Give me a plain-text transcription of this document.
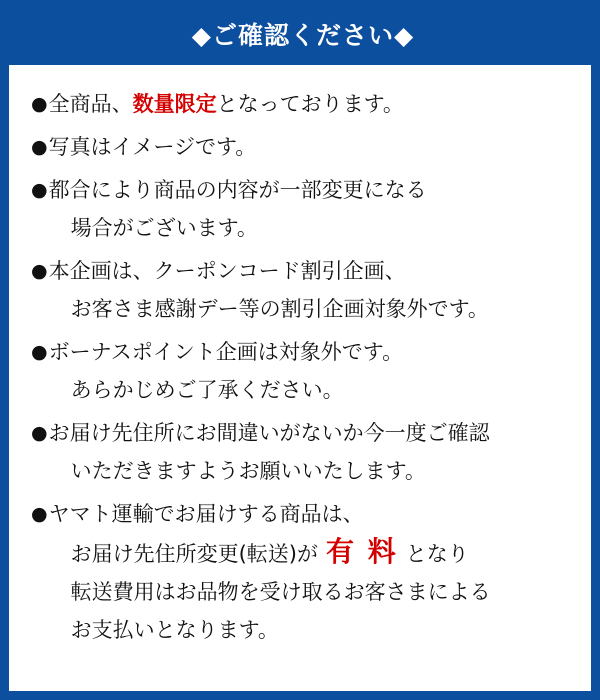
◆ご確認ください◆
● 全商品、数量限定となっております。
● 写真はイメージです。
● 都合により商品の内容が一部変更になる
場合がございます。
● 本企画は、クーポンコード割引企画、
お客さま感謝デー等の割引企画対象外です。
● ボーナスポイント企画は対象外です。
あらかじめご了承ください。
● お届け先住所にお間違いがないか今一度ご確認
いただきますようお願いいたします。
● ヤマト運輸でお届けする商品は、
お届け先住所変更(転送)が 有 料 となり
転送費用はお品物を受け取るお客さまによる
お支払いとなります。
